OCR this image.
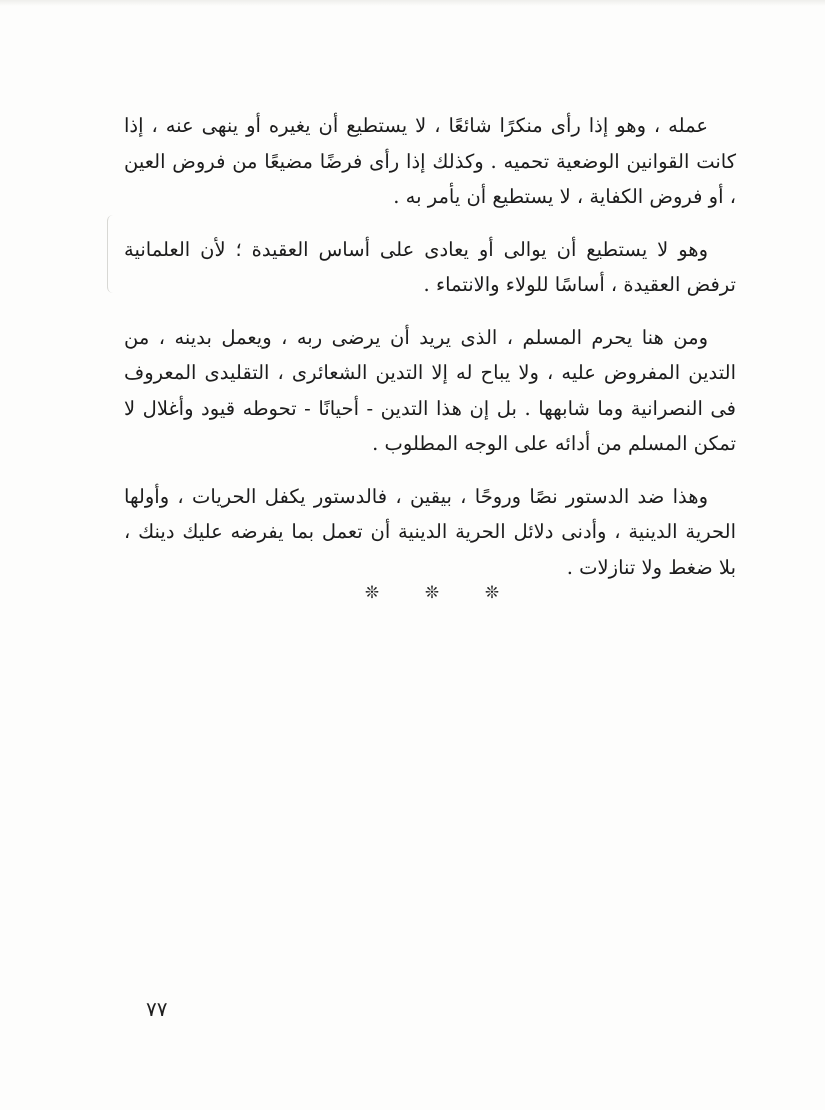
عمله ، وهو إذا رأى منكرًا شائعًا ، لا يستطيع أن يغيره أو ينهى عنه ، إذا كانت القوانين الوضعية تحميه . وكذلك إذا رأى فرضًا مضيعًا من فروض العين ، أو فروض الكفاية ، لا يستطيع أن يأمر به .

وهو لا يستطيع أن يوالى أو يعادى على أساس العقيدة ؛ لأن العلمانية ترفض العقيدة ، أساسًا للولاء والانتماء .

ومن هنا يحرم المسلم ، الذى يريد أن يرضى ربه ، ويعمل بدينه ، من التدين المفروض عليه ، ولا يباح له إلا التدين الشعائرى ، التقليدى المعروف فى النصرانية وما شابهها . بل إن هذا التدين - أحيانًا - تحوطه قيود وأغلال لا تمكن المسلم من أدائه على الوجه المطلوب .

وهذا ضد الدستور نصًا وروحًا ، بيقين ، فالدستور يكفل الحريات ، وأولها الحرية الدينية ، وأدنى دلائل الحرية الدينية أن تعمل بما يفرضه عليك دينك ، بلا ضغط ولا تنازلات .

❊	❊	❊
٧٧
